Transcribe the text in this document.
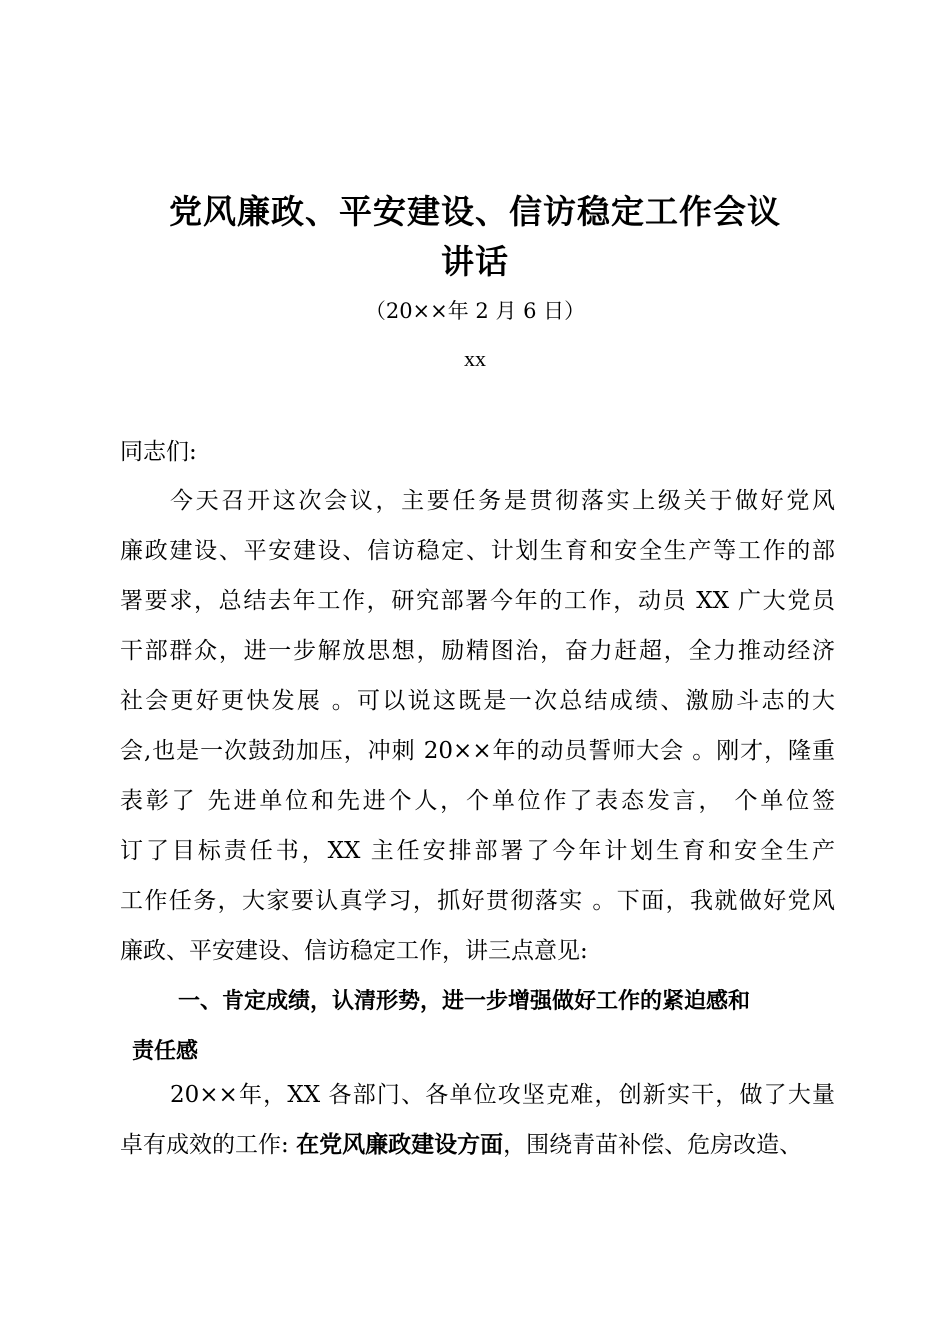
党风廉政、平安建设、信访稳定工作会议
讲话
（20××年 2 月 6 日）
xx
同志们:
今天召开这次会议，主要任务是贯彻落实上级关于做好党风
廉政建设、平安建设、信访稳定、计划生育和安全生产等工作的部
署要求，总结去年工作，研究部署今年的工作，动员 XX 广大党员
干部群众，进一步解放思想，励精图治，奋力赶超，全力推动经济
社会更好更快发展 。可以说这既是一次总结成绩、激励斗志的大
会,也是一次鼓劲加压，冲刺 20××年的动员誓师大会 。刚才，隆重
表彰了 先进单位和先进个人，个单位作了表态发言， 个单位签
订了目标责任书，XX 主任安排部署了今年计划生育和安全生产
工作任务，大家要认真学习，抓好贯彻落实 。下面，我就做好党风
廉政、平安建设、信访稳定工作，讲三点意见:
一、肯定成绩，认清形势，进一步增强做好工作的紧迫感和
责任感
20××年，XX 各部门、各单位攻坚克难，创新实干，做了大量
卓有成效的工作: 在党风廉政建设方面，围绕青苗补偿、危房改造、
